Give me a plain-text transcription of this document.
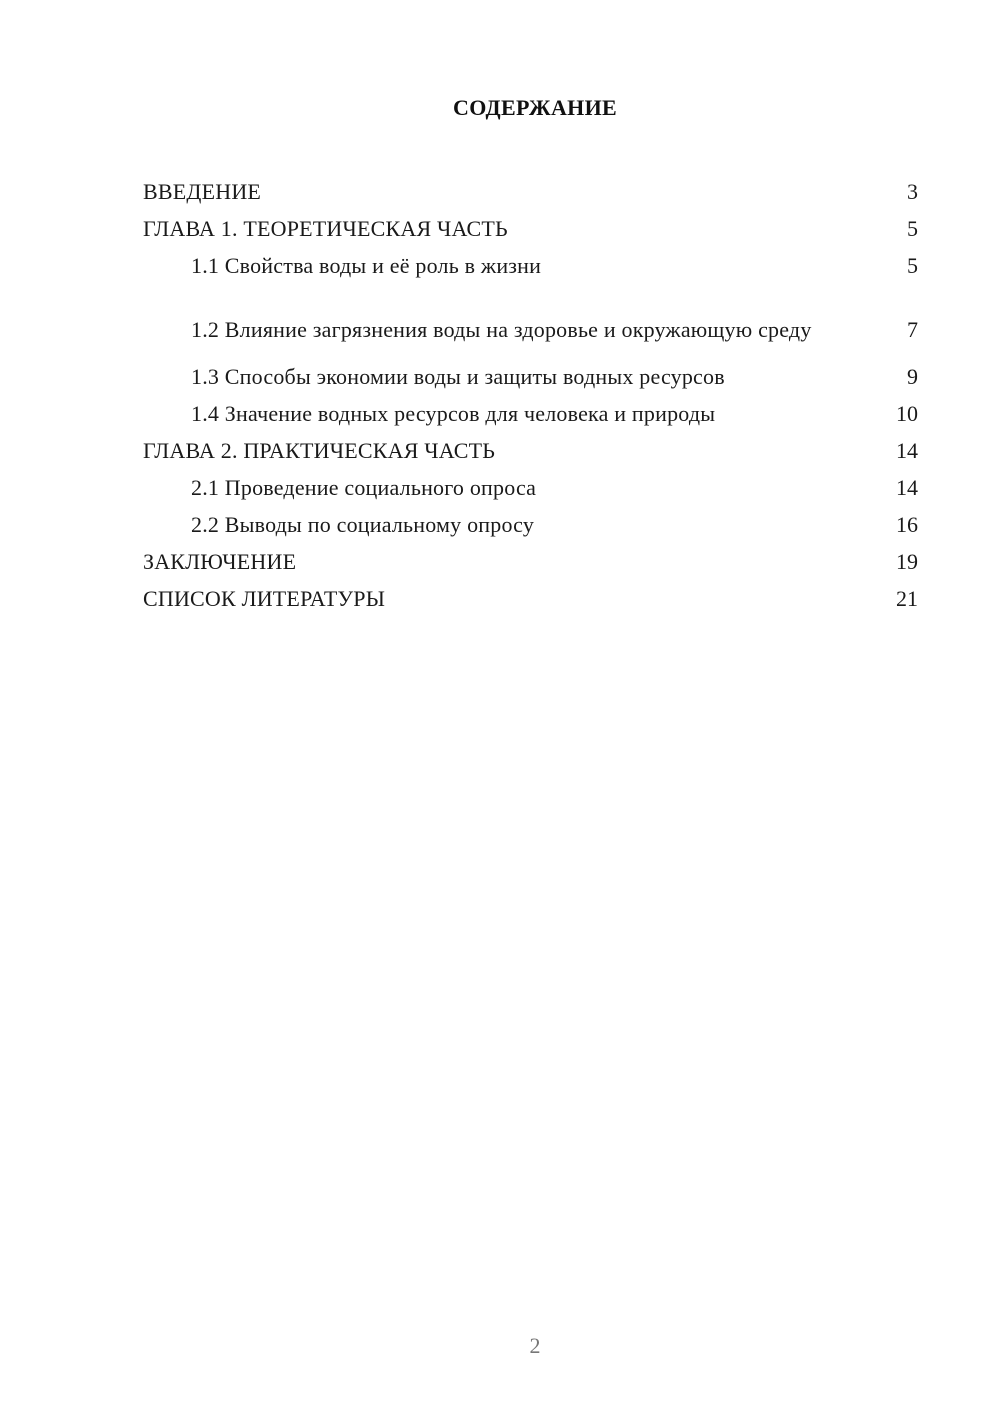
СОДЕРЖАНИЕ
ВВЕДЕНИЕ	3
ГЛАВА 1. ТЕОРЕТИЧЕСКАЯ ЧАСТЬ	5
1.1 Свойства воды и её роль в жизни	5
1.2 Влияние загрязнения воды на здоровье и окружающую среду	7
1.3 Способы экономии воды и защиты водных ресурсов	9
1.4 Значение водных ресурсов для человека и природы	10
ГЛАВА 2. ПРАКТИЧЕСКАЯ ЧАСТЬ	14
2.1 Проведение социального опроса	14
2.2 Выводы по социальному опросу	16
ЗАКЛЮЧЕНИЕ	19
СПИСОК ЛИТЕРАТУРЫ	21
2
